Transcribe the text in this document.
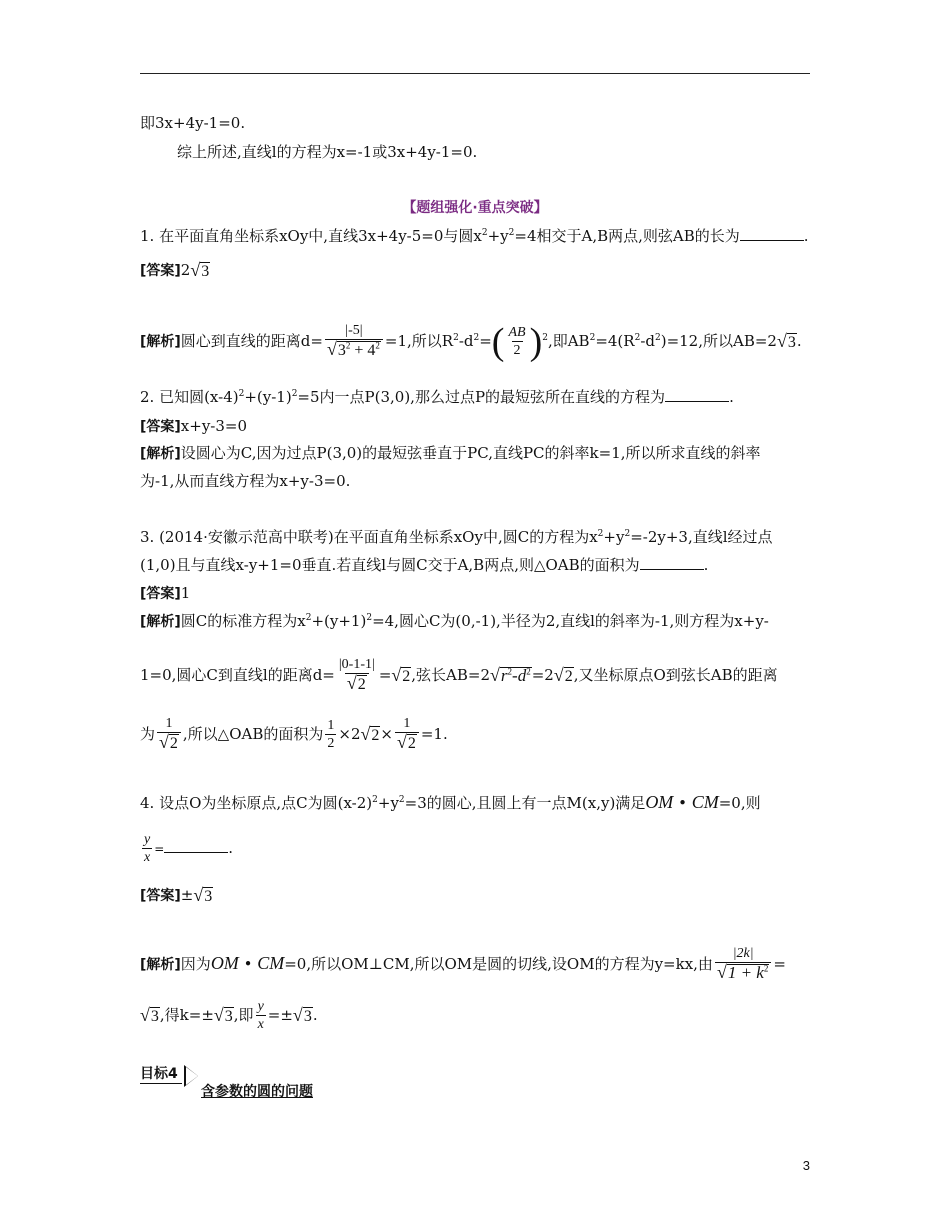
即3x+4y-1=0.
综上所述,直线l的方程为x=-1或3x+4y-1=0.
【题组强化·重点突破】
1. 在平面直角坐标系xOy中,直线3x+4y-5=0与圆$x^2+y^2=4$相交于A,B两点,则弦AB的长为	.
[答案]2√3
[解析]圆心到直线的距离$d= \frac{|-5|}{√3^2 + 4^2} =1$,所以$R^2-d^2=( \frac{AB}{2} )^2$,即$AB^2=4(R^2-d^2)=12$,所以AB=2√3.
2. 已知圆$(x-4)^2+(y-1)^2=5$内一点P(3,0),那么过点P的最短弦所在直线的方程为	.
[答案]x+y-3=0
[解析]设圆心为C,因为过点P(3,0)的最短弦垂直于PC,直线PC的斜率k=1,所以所求直线的斜率
为-1,从而直线方程为x+y-3=0.
3. (2014·安徽示范高中联考)在平面直角坐标系xOy中,圆C的方程为$x^2+y^2=-2y+3$,直线l经过点
(1,0)且与直线x-y+1=0垂直.若直线l与圆C交于A,B两点,则△OAB的面积为	.
[答案]1
[解析]圆C的标准方程为$x^2+(y+1)^2=4$,圆心C为(0,-1),半径为2,直线l的斜率为-1,则方程为x+y-
1=0,圆心C到直线l的距离$d= \frac{|0-1-1|}{√2} =√2$,弦长$AB=2√r^2-d^2=2√2$,又坐标原点O到弦长AB的距离
为 $\frac{1}{√2}$ ,所以△OAB的面积为 $\frac{1}{2} \times 2√2\times \frac{1}{√2} =1$.
4. 设点O为坐标原点,点C为圆$(x-2)^2+y^2=3$的圆心,且圆上有一点M(x,y)满足OM • CM=0,则
$\frac{y}{x}$ =	.
[答案]±√3
[解析]因为OM • CM=0,所以OM⊥CM,所以OM是圆的切线,设OM的方程为y=kx,由 $\frac{|2k|}{√1 + k^2}$ =
√3,得k=±√3,即 $\frac{y}{x} =\pm√3$.
目标4
含参数的圆的问题
3
